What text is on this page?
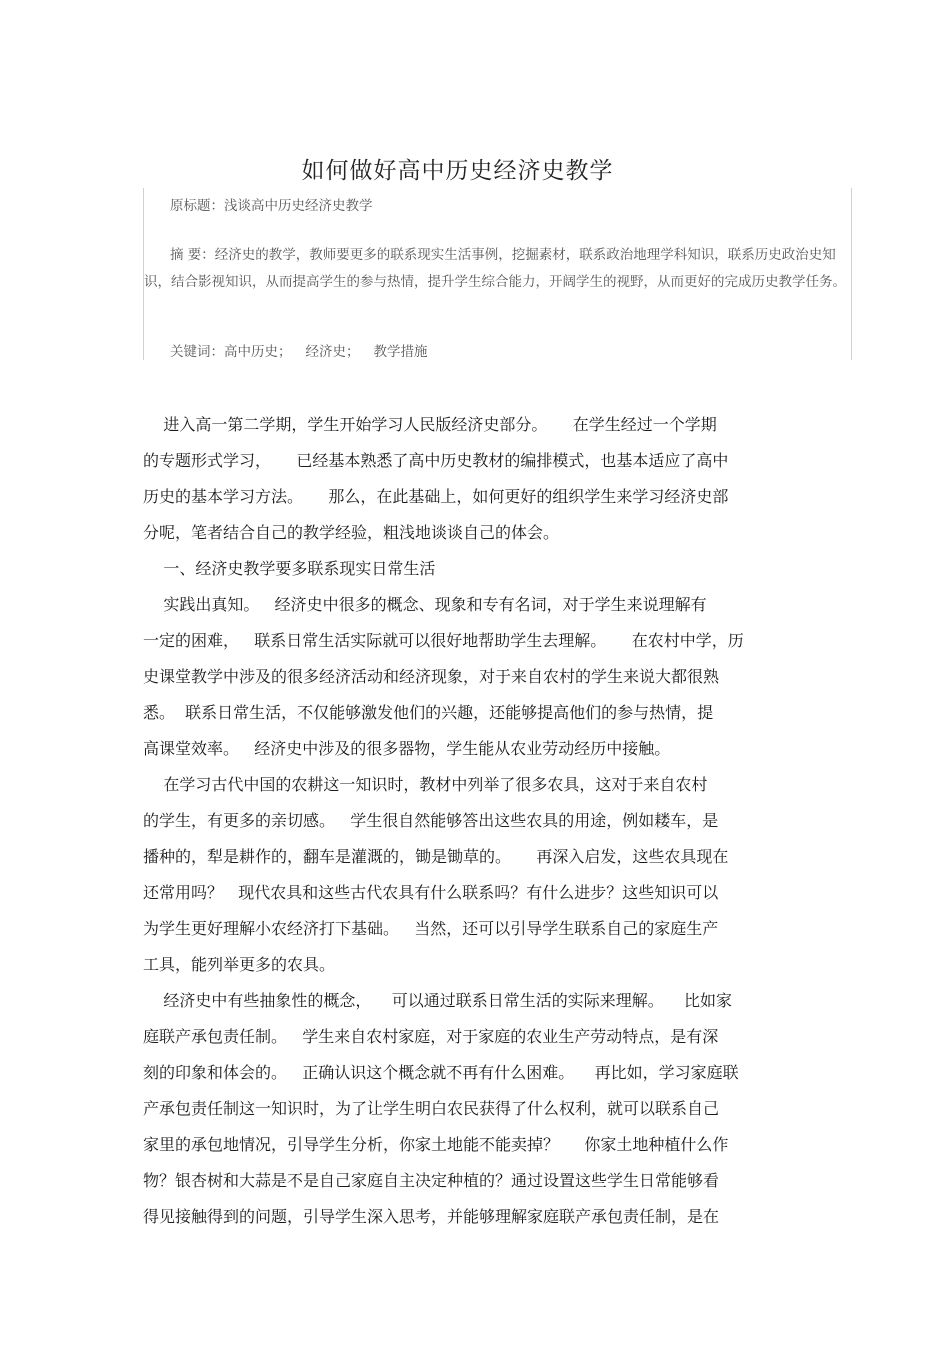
如何做好高中历史经济史教学
原标题：浅谈高中历史经济史教学
摘 要：经济史的教学，教师要更多的联系现实生活事例，挖掘素材，联系政治地理学科知识，联系历史政治史知识，结合影视知识，从而提高学生的参与热情，提升学生综合能力，开阔学生的视野，从而更好的完成历史教学任务。
关键词：高中历史； 经济史； 教学措施
进入高一第二学期，学生开始学习人民版经济史部分。     在学生经过一个学期
的专题形式学习，     已经基本熟悉了高中历史教材的编排模式，也基本适应了高中
历史的基本学习方法。     那么，在此基础上，如何更好的组织学生来学习经济史部
分呢，笔者结合自己的教学经验，粗浅地谈谈自己的体会。
一、经济史教学要多联系现实日常生活
实践出真知。   经济史中很多的概念、现象和专有名词，对于学生来说理解有
一定的困难，   联系日常生活实际就可以很好地帮助学生去理解。     在农村中学，历
史课堂教学中涉及的很多经济活动和经济现象，对于来自农村的学生来说大都很熟
悉。  联系日常生活，不仅能够激发他们的兴趣，还能够提高他们的参与热情，提
高课堂效率。   经济史中涉及的很多器物，学生能从农业劳动经历中接触。
在学习古代中国的农耕这一知识时，教材中列举了很多农具，这对于来自农村
的学生，有更多的亲切感。   学生很自然能够答出这些农具的用途，例如耧车，是
播种的，犁是耕作的，翻车是灌溉的，锄是锄草的。     再深入启发，这些农具现在
还常用吗？   现代农具和这些古代农具有什么联系吗？有什么进步？这些知识可以
为学生更好理解小农经济打下基础。   当然，还可以引导学生联系自己的家庭生产
工具，能列举更多的农具。
经济史中有些抽象性的概念，    可以通过联系日常生活的实际来理解。    比如家
庭联产承包责任制。   学生来自农村家庭，对于家庭的农业生产劳动特点，是有深
刻的印象和体会的。   正确认识这个概念就不再有什么困难。    再比如，学习家庭联
产承包责任制这一知识时，为了让学生明白农民获得了什么权利，就可以联系自己
家里的承包地情况，引导学生分析，你家土地能不能卖掉？     你家土地种植什么作
物？银杏树和大蒜是不是自己家庭自主决定种植的？通过设置这些学生日常能够看
得见接触得到的问题，引导学生深入思考，并能够理解家庭联产承包责任制，是在
